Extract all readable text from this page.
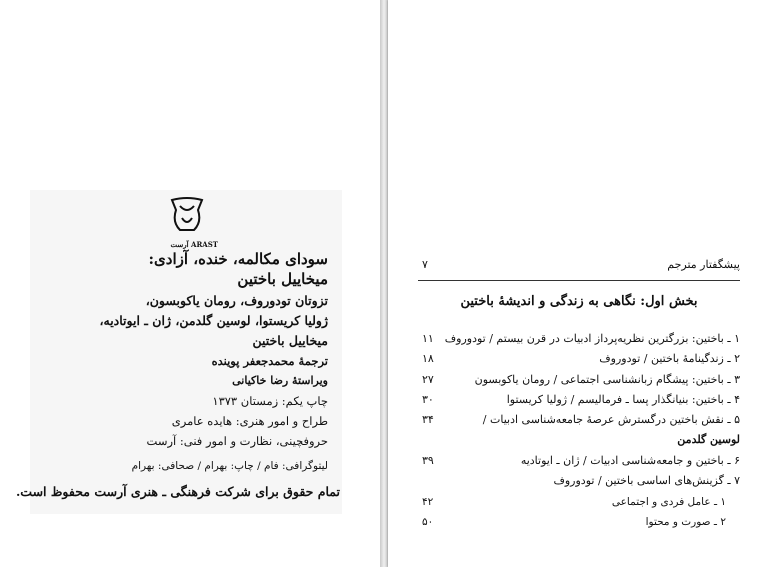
ARAST آرست
سودای مکالمه، خنده، آزادی:
میخاییل باختین
تزوتان تودوروف، رومان یاکوبسون،
ژولیا کریستوا، لوسین گلدمن، ژان ـ ایوتادیه،
میخاییل باختین
ترجمهٔ محمدجعفر پوینده
ویراستهٔ رضا خاکیانی
چاپ یکم: زمستان ۱۳۷۳
طراح و امور هنری: هایده عامری
حروفچینی، نظارت و امور فنی: آرست
لیتوگرافی: فام / چاپ: بهرام / صحافی: بهرام
تمام حقوق برای شرکت فرهنگی ـ هنری آرست محفوظ است.
پیشگفتار مترجم
۷
بخش اول: نگاهی به زندگی و اندیشهٔ باختین
۱ ـ باختین: بزرگترین نظریه‌پرداز ادبیات در قرن بیستم / تودوروف
۱۱
۲ ـ زندگینامهٔ باختین / تودوروف
۱۸
۳ ـ باختین: پیشگام زبانشناسی اجتماعی / رومان یاکوبسون
۲۷
۴ ـ باختین: بنیانگذار پسا ـ فرمالیسم / ژولیا کریستوا
۳۰
۵ ـ نقش باختین درگسترش عرصهٔ جامعه‌شناسی ادبیات /
۳۴
لوسین گلدمن
۶ ـ باختین و جامعه‌شناسی ادبیات / ژان ـ ایوتادیه
۳۹
۷ ـ گزینش‌های اساسی باختین / تودوروف
۱ ـ عامل فردی و اجتماعی
۴۲
۲ ـ صورت و محتوا
۵۰
